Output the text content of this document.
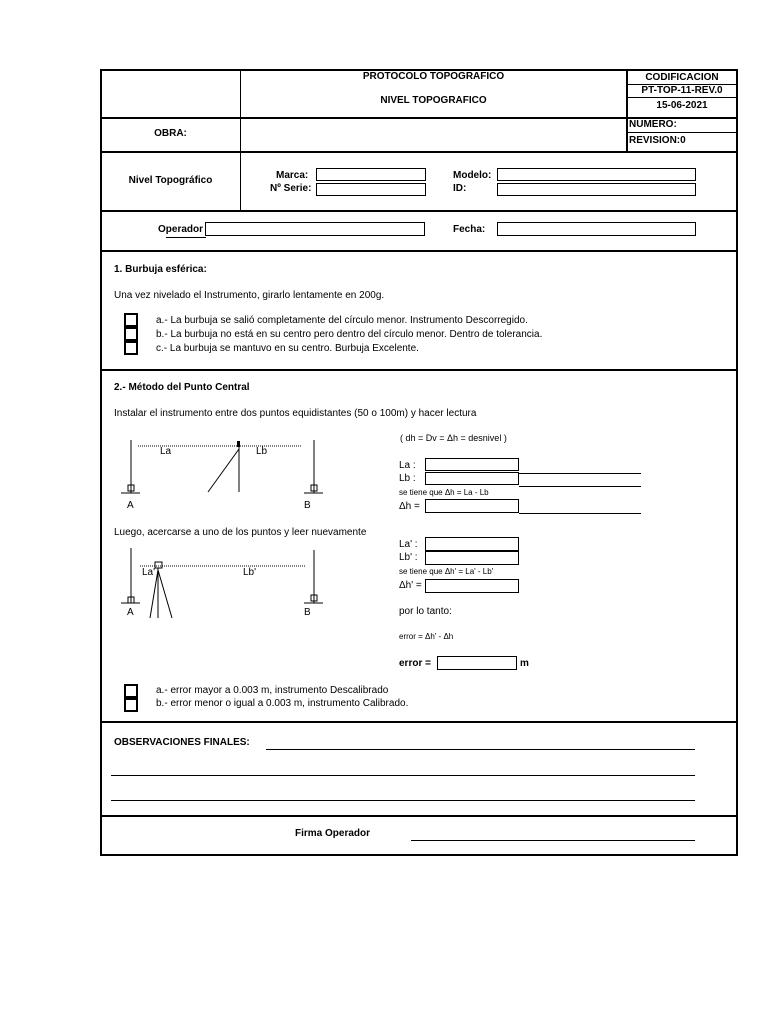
PROTOCOLO TOPOGRAFICO
NIVEL TOPOGRAFICO
CODIFICACION
PT-TOP-11-REV.0
15-06-2021
NUMERO:
REVISION:0
OBRA:
Nivel Topográfico	Marca:
Nº Serie:
Modelo:
ID:
Operador	Fecha:
1. Burbuja esférica:
Una vez nivelado el Instrumento, girarlo lentamente en 200g.
a.- La burbuja se salió completamente del círculo menor. Instrumento Descorregido.
b.- La burbuja no está en su centro pero dentro del círculo menor. Dentro de tolerancia.
c.- La burbuja se mantuvo en su centro. Burbuja Excelente.
2.- Método del Punto Central
Instalar el instrumento entre dos puntos equidistantes (50 o 100m) y hacer lectura
La	Lb
A	B
( dh = Dv = Δh = desnivel )
La :
Lb :
se tiene que Δh = La - Lb
Δh =
Luego, acercarse a uno de los puntos y leer nuevamente
La'	Lb'
A	B
La' :
Lb' :
se tiene que Δh' = La' - Lb'
Δh' =
por lo tanto:
error = Δh' - Δh
error =	m
a.- error mayor a 0.003 m, instrumento Descalibrado
b.- error menor o igual a 0.003 m, instrumento Calibrado.
OBSERVACIONES FINALES:
Firma Operador
